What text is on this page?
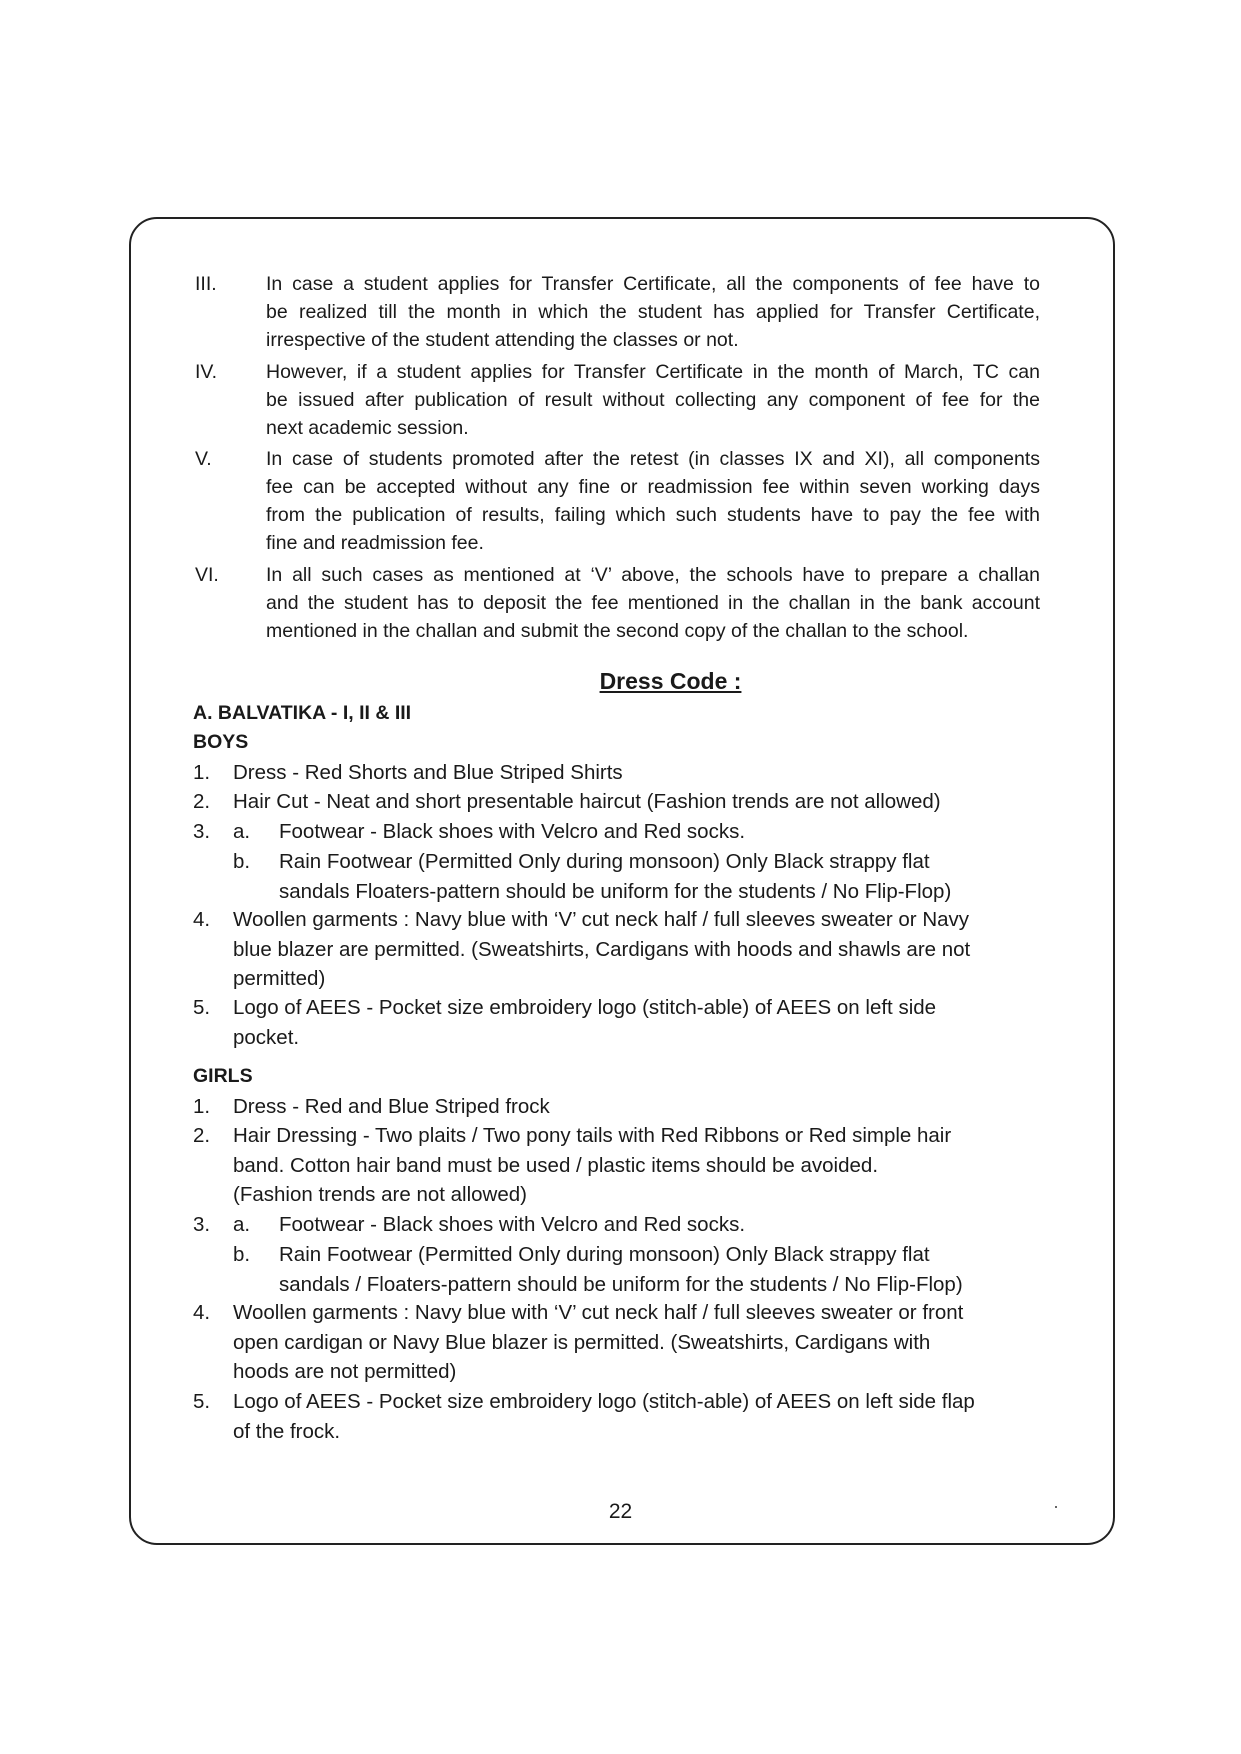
III.	In case a student applies for Transfer Certificate, all the components of fee have to
be realized till the month in which the student has applied for Transfer Certificate,
irrespective of the student attending the classes or not.
IV.	However, if a student applies for Transfer Certificate in the month of March, TC can
be issued after publication of result without collecting any component of fee for the
next academic session.
V.	In case of students promoted after the retest (in classes IX and XI), all components
fee can be accepted without any fine or readmission fee within seven working days
from the publication of results, failing which such students have to pay the fee with
fine and readmission fee.
VI. In all such cases as mentioned at ‘V’ above, the schools have to prepare a challan
and the student has to deposit the fee mentioned in the challan in the bank account
mentioned in the challan and submit the second copy of the challan to the school.
Dress Code :
A. BALVATIKA - I, II & III
BOYS
1. Dress - Red Shorts and Blue Striped Shirts
2. Hair Cut - Neat and short presentable haircut (Fashion trends are not allowed)
3. a. Footwear - Black shoes with Velcro and Red socks.
b. Rain Footwear (Permitted Only during monsoon) Only Black strappy flat
sandals Floaters-pattern should be uniform for the students / No Flip-Flop)
4. Woollen garments : Navy blue with ‘V’ cut neck half / full sleeves sweater or Navy
blue blazer are permitted. (Sweatshirts, Cardigans with hoods and shawls are not
permitted)
5. Logo of AEES - Pocket size embroidery logo (stitch-able) of AEES on left side
pocket.
GIRLS
1. Dress - Red and Blue Striped frock
2. Hair Dressing - Two plaits / Two pony tails with Red Ribbons or Red simple hair
band. Cotton hair band must be used / plastic items should be avoided.
(Fashion trends are not allowed)
3. a. Footwear - Black shoes with Velcro and Red socks.
b. Rain Footwear (Permitted Only during monsoon) Only Black strappy flat
sandals / Floaters-pattern should be uniform for the students / No Flip-Flop)
4. Woollen garments : Navy blue with ‘V’ cut neck half / full sleeves sweater or front
open cardigan or Navy Blue blazer is permitted. (Sweatshirts, Cardigans with
hoods are not permitted)
5. Logo of AEES - Pocket size embroidery logo (stitch-able) of AEES on left side flap
of the frock.
22
